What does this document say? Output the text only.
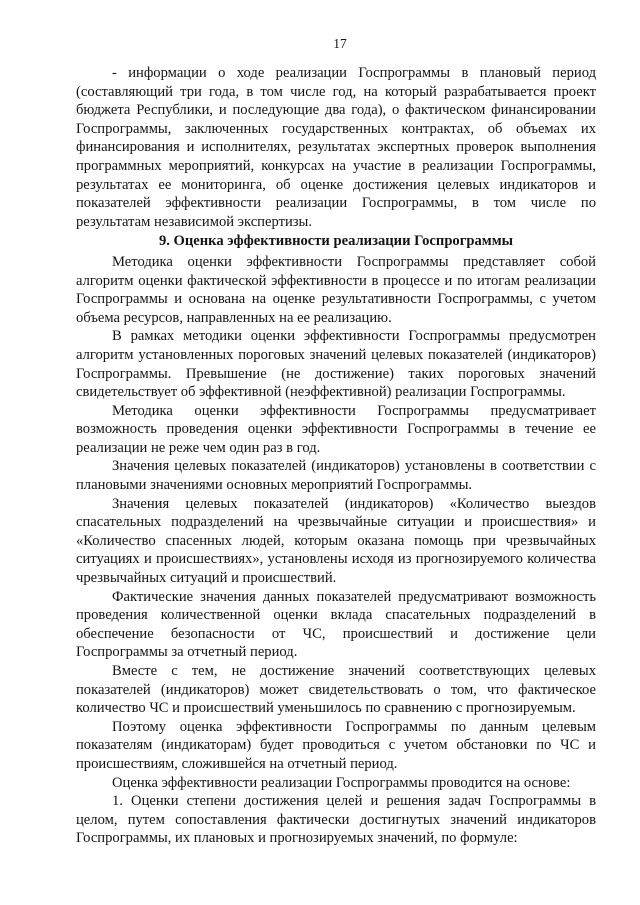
17

- информации о ходе реализации Госпрограммы в плановый период (составляющий три года, в том числе год, на который разрабатывается проект бюджета Республики, и последующие два года), о фактическом финансировании Госпрограммы, заключенных государственных контрактах, об объемах их финансирования и исполнителях, результатах экспертных проверок выполнения программных мероприятий, конкурсах на участие в реализации Госпрограммы, результатах ее мониторинга, об оценке достижения целевых индикаторов и показателей эффективности реализации Госпрограммы, в том числе по результатам независимой экспертизы.

9. Оценка эффективности реализации Госпрограммы

Методика оценки эффективности Госпрограммы представляет собой алгоритм оценки фактической эффективности в процессе и по итогам реализации Госпрограммы и основана на оценке результативности Госпрограммы, с учетом объема ресурсов, направленных на ее реализацию.

В рамках методики оценки эффективности Госпрограммы предусмотрен алгоритм установленных пороговых значений целевых показателей (индикаторов) Госпрограммы. Превышение (не достижение) таких пороговых значений свидетельствует об эффективной (неэффективной) реализации Госпрограммы.

Методика оценки эффективности Госпрограммы предусматривает возможность проведения оценки эффективности Госпрограммы в течение ее реализации не реже чем один раз в год.

Значения целевых показателей (индикаторов) установлены в соответствии с плановыми значениями основных мероприятий Госпрограммы.

Значения целевых показателей (индикаторов) «Количество выездов спасательных подразделений на чрезвычайные ситуации и происшествия» и «Количество спасенных людей, которым оказана помощь при чрезвычайных ситуациях и происшествиях», установлены исходя из прогнозируемого количества чрезвычайных ситуаций и происшествий.

Фактические значения данных показателей предусматривают возможность проведения количественной оценки вклада спасательных подразделений в обеспечение безопасности от ЧС, происшествий и достижение цели Госпрограммы за отчетный период.

Вместе с тем, не достижение значений соответствующих целевых показателей (индикаторов) может свидетельствовать о том, что фактическое количество ЧС и происшествий уменьшилось по сравнению с прогнозируемым.

Поэтому оценка эффективности Госпрограммы по данным целевым показателям (индикаторам) будет проводиться с учетом обстановки по ЧС и происшествиям, сложившейся на отчетный период.

Оценка эффективности реализации Госпрограммы проводится на основе:

1. Оценки степени достижения целей и решения задач Госпрограммы в целом, путем сопоставления фактически достигнутых значений индикаторов Госпрограммы, их плановых и прогнозируемых значений, по формуле:
